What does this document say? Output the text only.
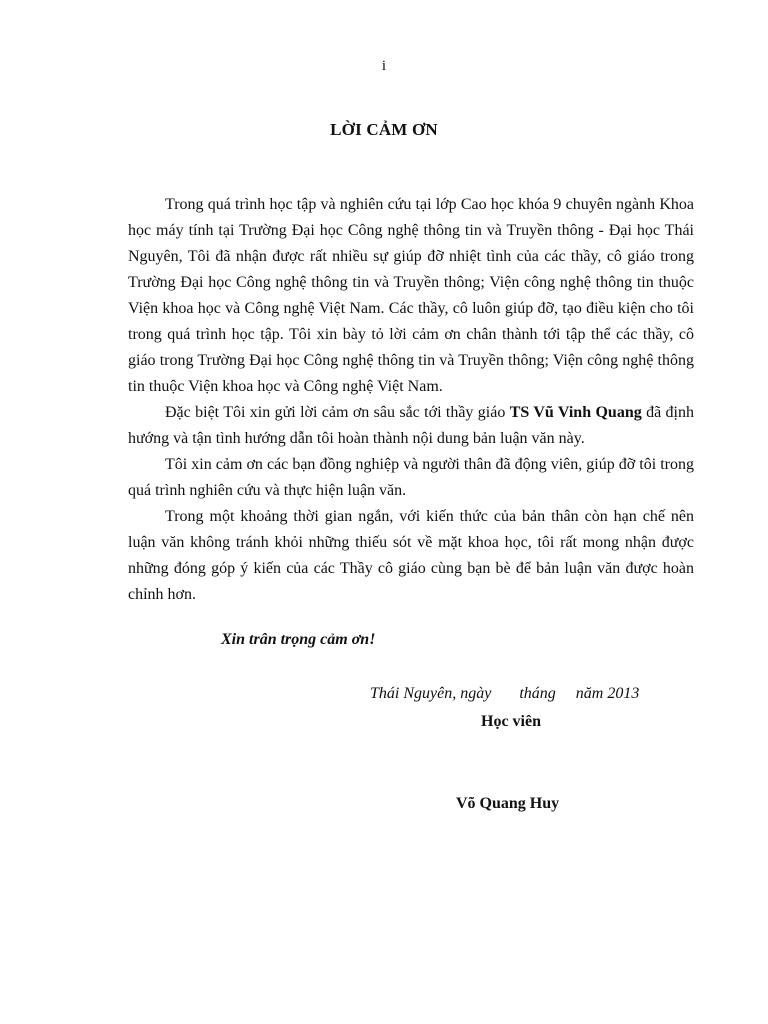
i
LỜI CẢM ƠN

Trong quá trình học tập và nghiên cứu tại lớp Cao học khóa 9 chuyên ngành Khoa học máy tính tại Trường Đại học Công nghệ thông tin và Truyền thông - Đại học Thái Nguyên, Tôi đã nhận được rất nhiều sự giúp đỡ nhiệt tình của các thầy, cô giáo trong Trường Đại học Công nghệ thông tin và Truyền thông; Viện công nghệ thông tin thuộc Viện khoa học và Công nghệ Việt Nam. Các thầy, cô luôn giúp đỡ, tạo điều kiện cho tôi trong quá trình học tập. Tôi xin bày tỏ lời cảm ơn chân thành tới tập thể các thầy, cô giáo trong Trường Đại học Công nghệ thông tin và Truyền thông; Viện công nghệ thông tin thuộc Viện khoa học và Công nghệ Việt Nam.

Đặc biệt Tôi xin gửi lời cảm ơn sâu sắc tới thầy giáo TS Vũ Vinh Quang đã định hướng và tận tình hướng dẫn tôi hoàn thành nội dung bản luận văn này.

Tôi xin cảm ơn các bạn đồng nghiệp và người thân đã động viên, giúp đỡ tôi trong quá trình nghiên cứu và thực hiện luận văn.

Trong một khoảng thời gian ngắn, với kiến thức của bản thân còn hạn chế nên luận văn không tránh khỏi những thiếu sót về mặt khoa học, tôi rất mong nhận được những đóng góp ý kiến của các Thầy cô giáo cùng bạn bè để bản luận văn được hoàn chỉnh hơn.

Xin trân trọng cảm ơn!
Thái Nguyên, ngày       tháng     năm 2013
Học viên
Võ Quang Huy
